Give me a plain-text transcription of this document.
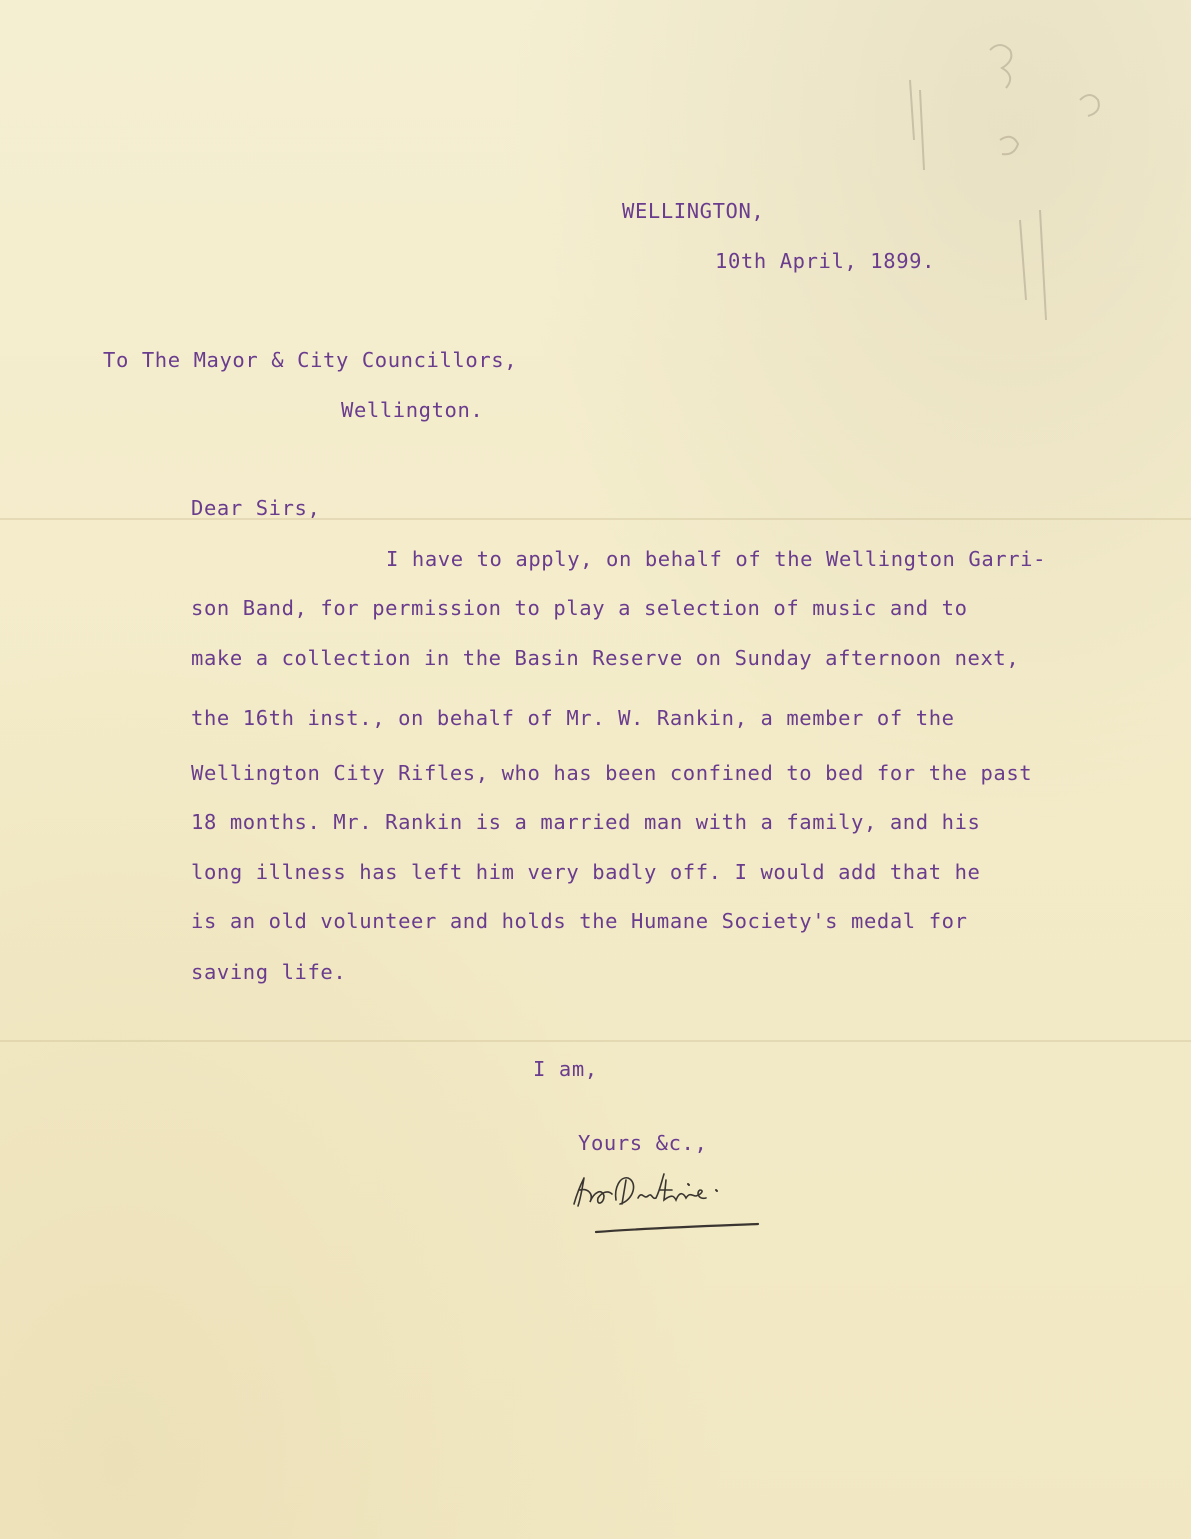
WELLINGTON,
10th April, 1899.
To The Mayor & City Councillors,
Wellington.
Dear Sirs,
I have to apply, on behalf of the Wellington Garri-
son Band, for permission to play a selection of music and to
make a collection in the Basin Reserve on Sunday afternoon next,
the 16th inst., on behalf of Mr. W. Rankin, a member of the
Wellington City Rifles, who has been confined to bed for the past
18 months. Mr. Rankin is a married man with a family, and his
long illness has left him very badly off. I would add that he
is an old volunteer and holds the Humane Society's medal for
saving life.
I am,
Yours &c.,
